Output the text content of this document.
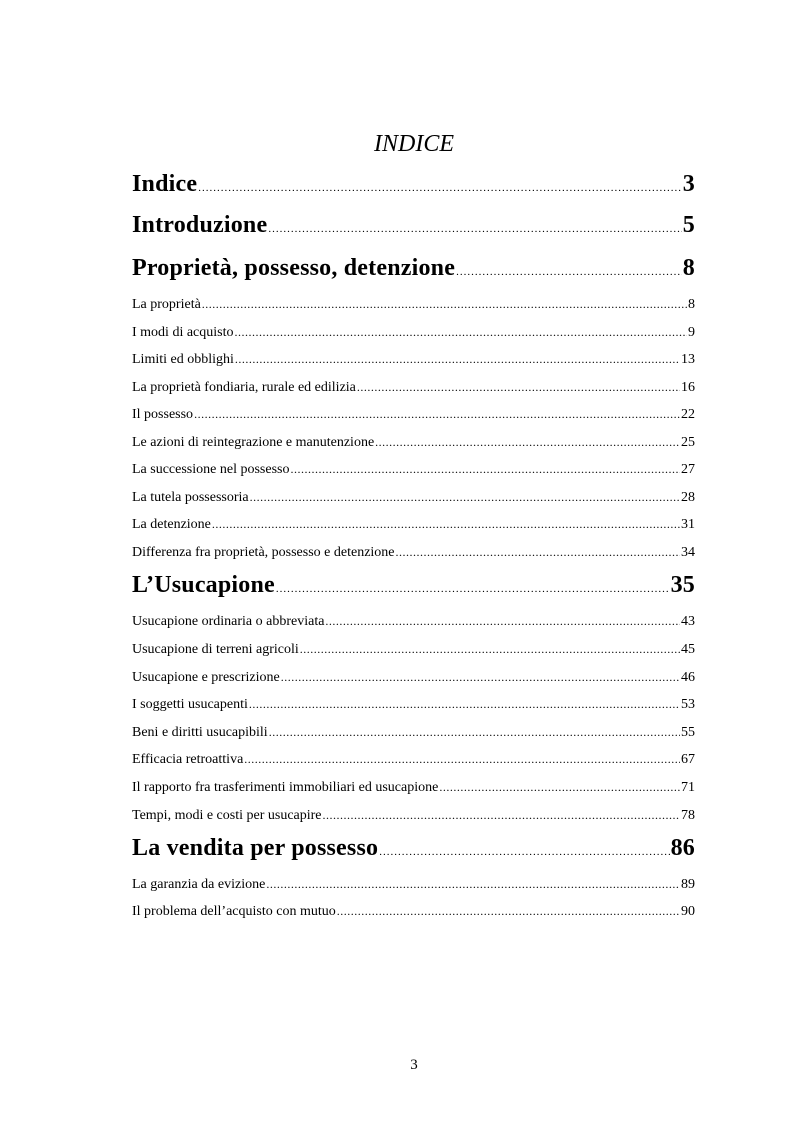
INDICE
Indice .....	3
Introduzione .....	5
Proprietà, possesso, detenzione .....	8
La proprietà .....	8
I modi di acquisto .....	9
Limiti ed obblighi .....	13
La proprietà fondiaria, rurale ed edilizia .....	16
Il possesso .....	22
Le azioni di reintegrazione e manutenzione .....	25
La successione nel possesso .....	27
La tutela possessoria .....	28
La detenzione .....	31
Differenza fra proprietà, possesso e detenzione .....	34
L’Usucapione .....	35
Usucapione ordinaria o abbreviata .....	43
Usucapione di terreni agricoli .....	45
Usucapione e prescrizione .....	46
I soggetti usucapenti .....	53
Beni e diritti usucapibili .....	55
Efficacia retroattiva .....	67
Il rapporto fra trasferimenti immobiliari ed usucapione .....	71
Tempi, modi e costi per usucapire .....	78
La vendita per possesso .....	86
La garanzia da evizione .....	89
Il problema dell’acquisto con mutuo .....	90
3
